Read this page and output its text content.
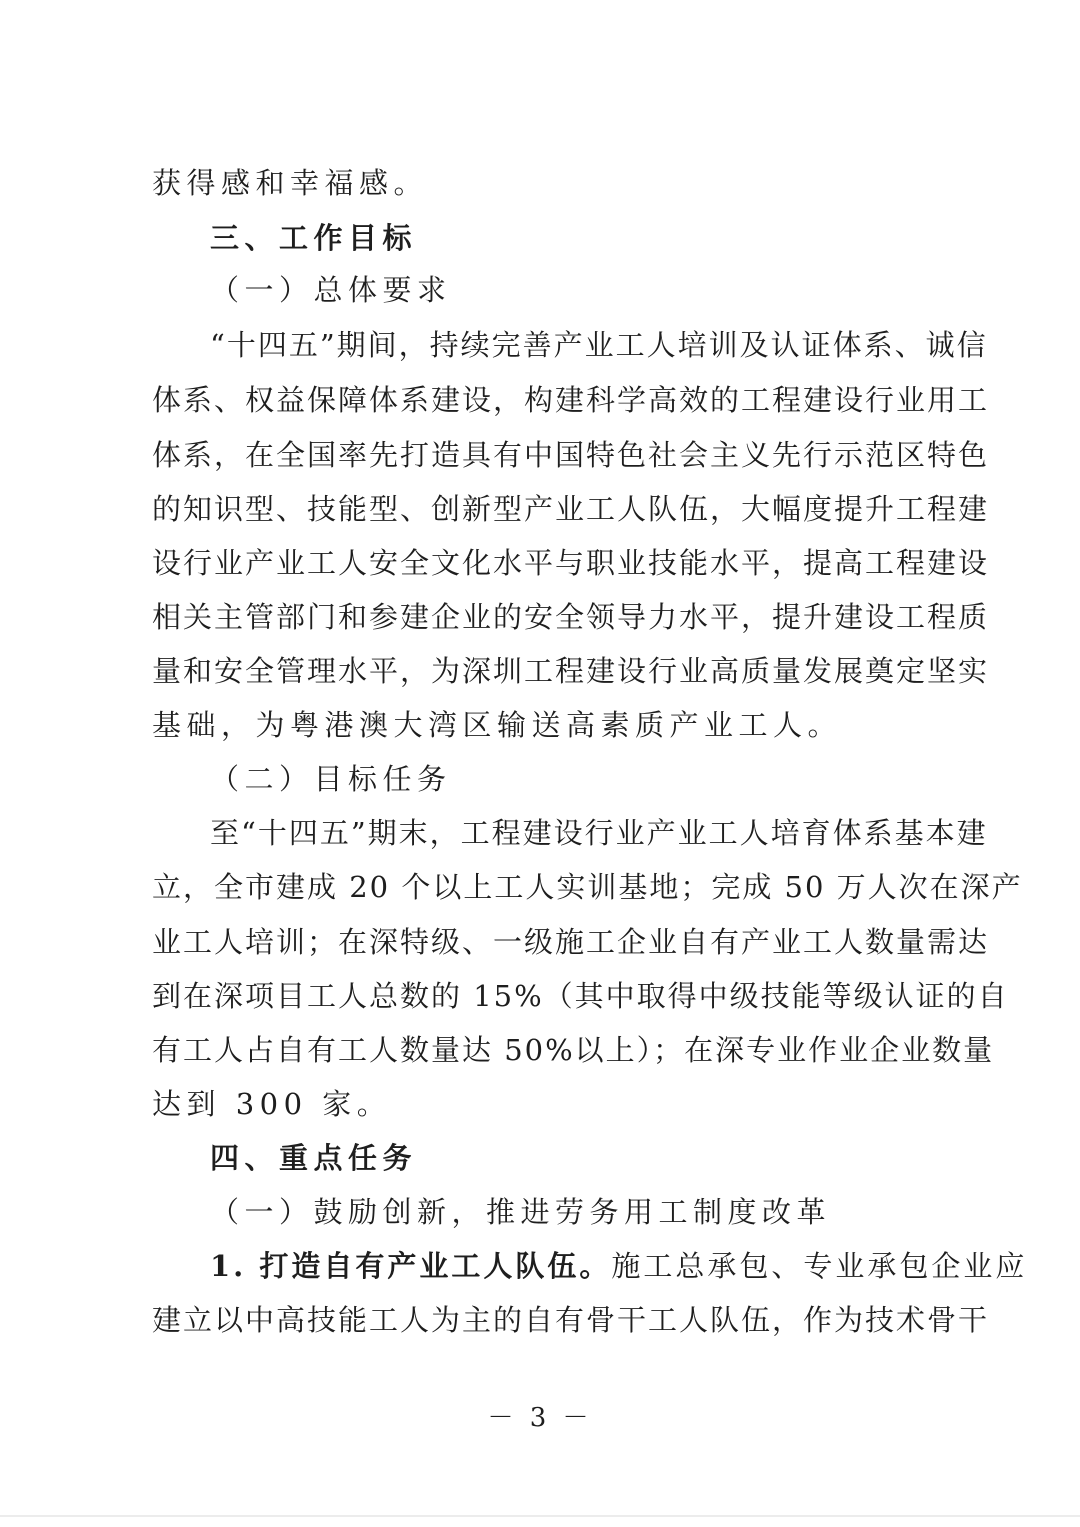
获得感和幸福感。
三、工作目标
（一）总体要求
“十四五”期间，持续完善产业工人培训及认证体系、诚信
体系、权益保障体系建设，构建科学高效的工程建设行业用工
体系，在全国率先打造具有中国特色社会主义先行示范区特色
的知识型、技能型、创新型产业工人队伍，大幅度提升工程建
设行业产业工人安全文化水平与职业技能水平，提高工程建设
相关主管部门和参建企业的安全领导力水平，提升建设工程质
量和安全管理水平，为深圳工程建设行业高质量发展奠定坚实
基础，为粤港澳大湾区输送高素质产业工人。
（二）目标任务
至“十四五”期末，工程建设行业产业工人培育体系基本建
立，全市建成 20 个以上工人实训基地；完成 50 万人次在深产
业工人培训；在深特级、一级施工企业自有产业工人数量需达
到在深项目工人总数的 15%（其中取得中级技能等级认证的自
有工人占自有工人数量达 50%以上）；在深专业作业企业数量
达到 300 家。
四、重点任务
（一）鼓励创新，推进劳务用工制度改革
1. 打造自有产业工人队伍。施工总承包、专业承包企业应
建立以中高技能工人为主的自有骨干工人队伍，作为技术骨干
－ 3 －
